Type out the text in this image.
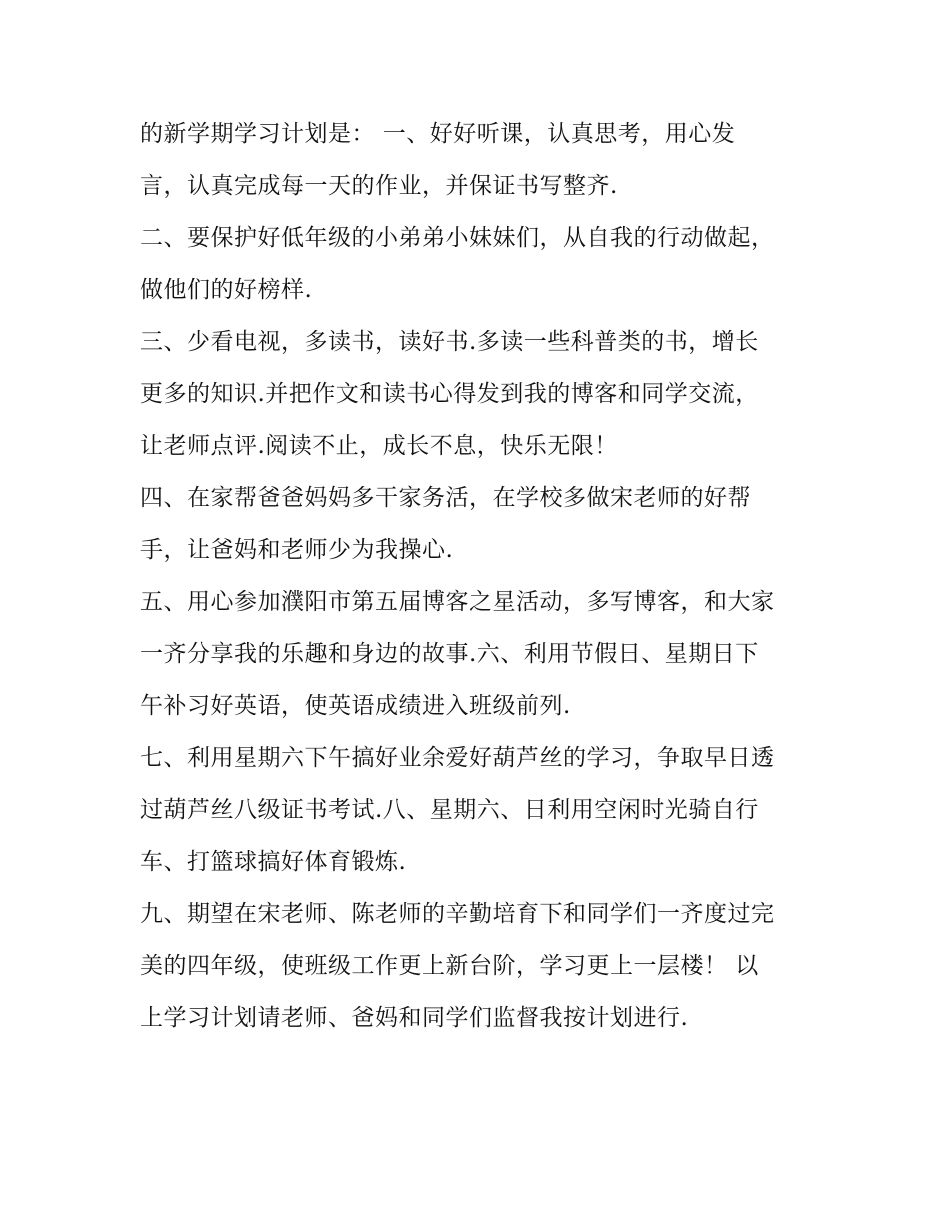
的新学期学习计划是： 一、好好听课，认真思考，用心发
言，认真完成每一天的作业，并保证书写整齐.
二、要保护好低年级的小弟弟小妹妹们，从自我的行动做起，
做他们的好榜样.
三、少看电视，多读书，读好书.多读一些科普类的书，增长
更多的知识.并把作文和读书心得发到我的博客和同学交流，
让老师点评.阅读不止，成长不息，快乐无限！
四、在家帮爸爸妈妈多干家务活，在学校多做宋老师的好帮
手，让爸妈和老师少为我操心.
五、用心参加濮阳市第五届博客之星活动，多写博客，和大家
一齐分享我的乐趣和身边的故事.六、利用节假日、星期日下
午补习好英语，使英语成绩进入班级前列.
七、利用星期六下午搞好业余爱好葫芦丝的学习，争取早日透
过葫芦丝八级证书考试.八、星期六、日利用空闲时光骑自行
车、打篮球搞好体育锻炼.
九、期望在宋老师、陈老师的辛勤培育下和同学们一齐度过完
美的四年级，使班级工作更上新台阶，学习更上一层楼！ 以
上学习计划请老师、爸妈和同学们监督我按计划进行.
